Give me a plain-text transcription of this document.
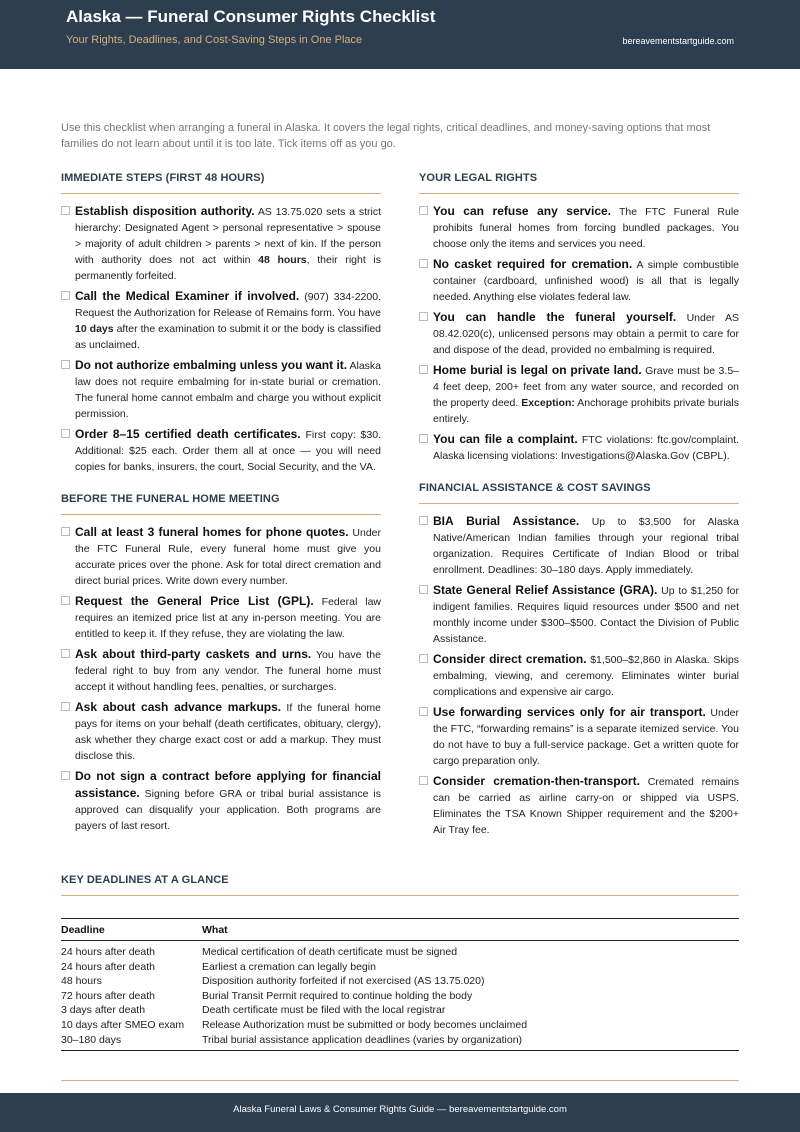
Alaska — Funeral Consumer Rights Checklist
Your Rights, Deadlines, and Cost-Saving Steps in One Place	bereavementstartguide.com
Use this checklist when arranging a funeral in Alaska. It covers the legal rights, critical deadlines, and money-saving options that most families do not learn about until it is too late. Tick items off as you go.
IMMEDIATE STEPS (FIRST 48 HOURS)
Establish disposition authority. AS 13.75.020 sets a strict hierarchy: Designated Agent > personal representative > spouse > majority of adult children > parents > next of kin. If the person with authority does not act within 48 hours, their right is permanently forfeited.
Call the Medical Examiner if involved. (907) 334-2200. Request the Authorization for Release of Remains form. You have 10 days after the examination to submit it or the body is classified as unclaimed.
Do not authorize embalming unless you want it. Alaska law does not require embalming for in-state burial or cremation. The funeral home cannot embalm and charge you without explicit permission.
Order 8–15 certified death certificates. First copy: $30. Additional: $25 each. Order them all at once — you will need copies for banks, insurers, the court, Social Security, and the VA.
BEFORE THE FUNERAL HOME MEETING
Call at least 3 funeral homes for phone quotes. Under the FTC Funeral Rule, every funeral home must give you accurate prices over the phone. Ask for total direct cremation and direct burial prices. Write down every number.
Request the General Price List (GPL). Federal law requires an itemized price list at any in-person meeting. You are entitled to keep it. If they refuse, they are violating the law.
Ask about third-party caskets and urns. You have the federal right to buy from any vendor. The funeral home must accept it without handling fees, penalties, or surcharges.
Ask about cash advance markups. If the funeral home pays for items on your behalf (death certificates, obituary, clergy), ask whether they charge exact cost or add a markup. They must disclose this.
Do not sign a contract before applying for financial assistance. Signing before GRA or tribal burial assistance is approved can disqualify your application. Both programs are payers of last resort.
YOUR LEGAL RIGHTS
You can refuse any service. The FTC Funeral Rule prohibits funeral homes from forcing bundled packages. You choose only the items and services you need.
No casket required for cremation. A simple combustible container (cardboard, unfinished wood) is all that is legally needed. Anything else violates federal law.
You can handle the funeral yourself. Under AS 08.42.020(c), unlicensed persons may obtain a permit to care for and dispose of the dead, provided no embalming is required.
Home burial is legal on private land. Grave must be 3.5–4 feet deep, 200+ feet from any water source, and recorded on the property deed. Exception: Anchorage prohibits private burials entirely.
You can file a complaint. FTC violations: ftc.gov/complaint. Alaska licensing violations: Investigations@Alaska.Gov (CBPL).
FINANCIAL ASSISTANCE & COST SAVINGS
BIA Burial Assistance. Up to $3,500 for Alaska Native/American Indian families through your regional tribal organization. Requires Certificate of Indian Blood or tribal enrollment. Deadlines: 30–180 days. Apply immediately.
State General Relief Assistance (GRA). Up to $1,250 for indigent families. Requires liquid resources under $500 and net monthly income under $300–$500. Contact the Division of Public Assistance.
Consider direct cremation. $1,500–$2,860 in Alaska. Skips embalming, viewing, and ceremony. Eliminates winter burial complications and expensive air cargo.
Use forwarding services only for air transport. Under the FTC, “forwarding remains” is a separate itemized service. You do not have to buy a full-service package. Get a written quote for cargo preparation only.
Consider cremation-then-transport. Cremated remains can be carried as airline carry-on or shipped via USPS. Eliminates the TSA Known Shipper requirement and the $200+ Air Tray fee.
KEY DEADLINES AT A GLANCE
Deadline	What
24 hours after death	Medical certification of death certificate must be signed
24 hours after death	Earliest a cremation can legally begin
48 hours	Disposition authority forfeited if not exercised (AS 13.75.020)
72 hours after death	Burial Transit Permit required to continue holding the body
3 days after death	Death certificate must be filed with the local registrar
10 days after SMEO exam	Release Authorization must be submitted or body becomes unclaimed
30–180 days	Tribal burial assistance application deadlines (varies by organization)
Alaska Funeral Laws & Consumer Rights Guide — bereavementstartguide.com
